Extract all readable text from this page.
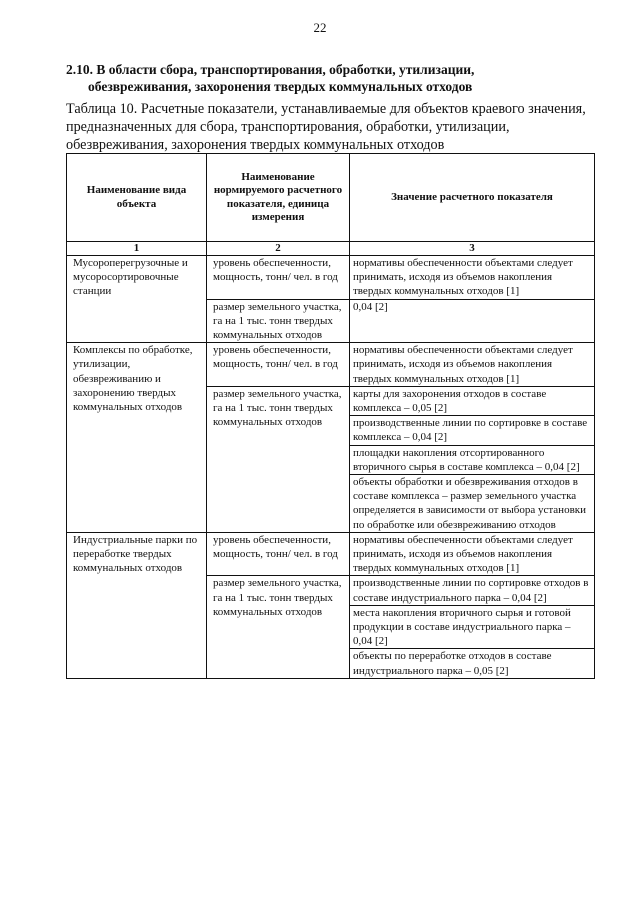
22
2.10. В области сбора, транспортирования, обработки, утилизации,
обезвреживания, захоронения твердых коммунальных отходов
Таблица 10. Расчетные показатели, устанавливаемые для объектов краевого значения, предназначенных для сбора, транспортирования, обработки, утилизации, обезвреживания, захоронения твердых коммунальных отходов
Наименование вида объекта	Наименование нормируемого расчетного показателя, единица измерения	Значение расчетного показателя
1	2	3
Мусороперегрузочные и мусоросортировочные станции	уровень обеспеченности, мощность, тонн/ чел. в год	нормативы обеспеченности объектами следует принимать, исходя из объемов накопления твердых коммунальных отходов [1]
	размер земельного участка, га на 1 тыс. тонн твердых коммунальных отходов	0,04 [2]
Комплексы по обработке, утилизации, обезвреживанию и захоронению твердых коммунальных отходов	уровень обеспеченности, мощность, тонн/ чел. в год	нормативы обеспеченности объектами следует принимать, исходя из объемов накопления твердых коммунальных отходов [1]
	размер земельного участка, га на 1 тыс. тонн твердых коммунальных отходов	карты для захоронения отходов в составе комплекса – 0,05 [2]
		производственные линии по сортировке в составе комплекса – 0,04 [2]
		площадки накопления отсортированного вторичного сырья в составе комплекса – 0,04 [2]
		объекты обработки и обезвреживания отходов в составе комплекса – размер земельного участка определяется в зависимости от выбора установки по обработке или обезвреживанию отходов
Индустриальные парки по переработке твердых коммунальных отходов	уровень обеспеченности, мощность, тонн/ чел. в год	нормативы обеспеченности объектами следует принимать, исходя из объемов накопления твердых коммунальных отходов [1]
	размер земельного участка, га на 1 тыс. тонн твердых коммунальных отходов	производственные линии по сортировке отходов в составе индустриального парка – 0,04 [2]
		места накопления вторичного сырья и готовой продукции в составе индустриального парка – 0,04 [2]
		объекты по переработке отходов в составе индустриального парка – 0,05 [2]
